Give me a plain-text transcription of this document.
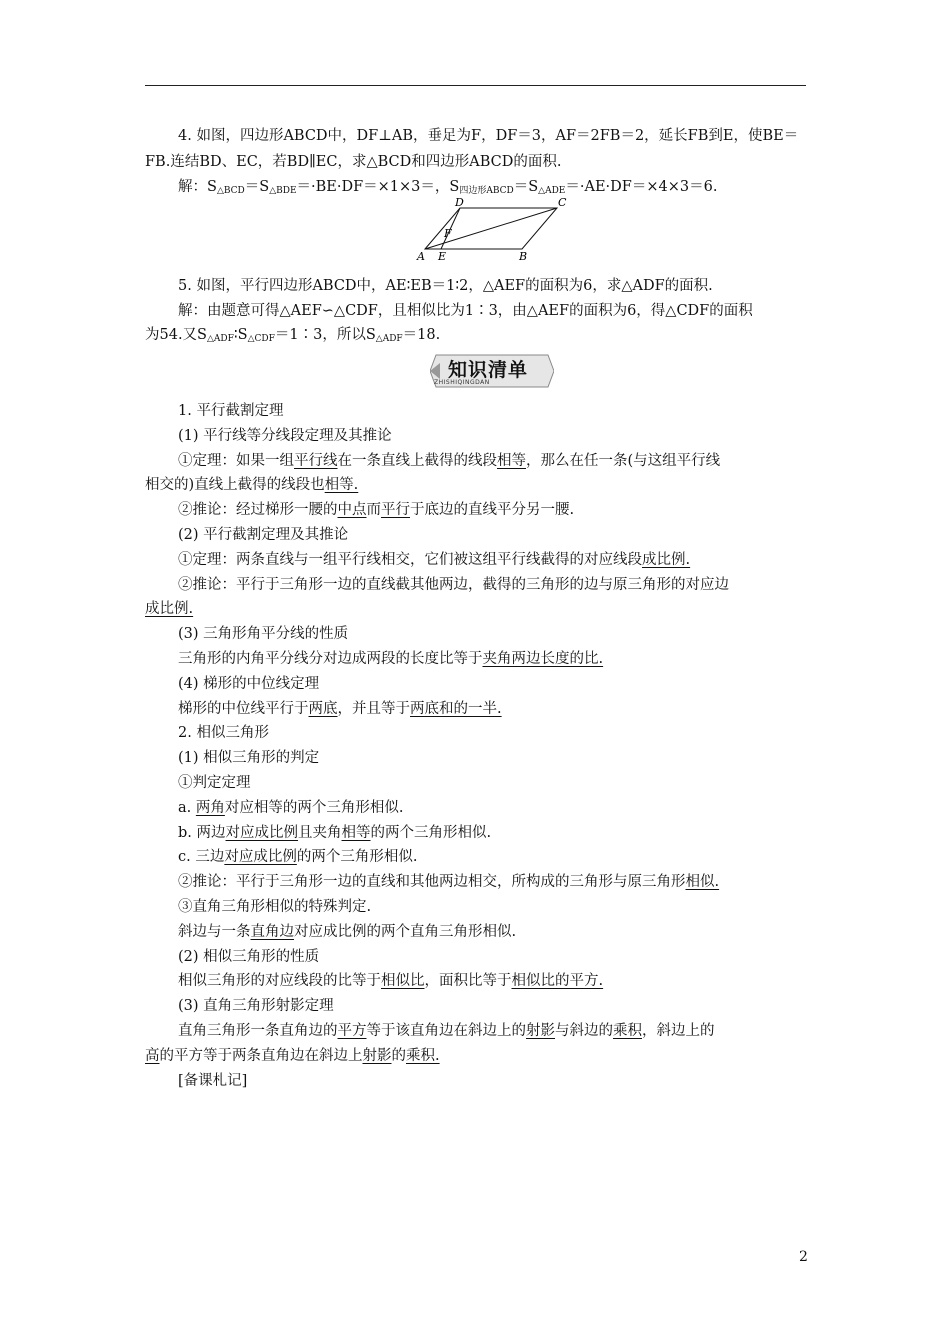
4. 如图，四边形ABCD中，DF⊥AB，垂足为F，DF＝3，AF＝2FB＝2，延长FB到E，使BE＝
FB.连结BD、EC，若BD∥EC，求△BCD和四边形ABCD的面积.
解：$S_{\triangle BCD}=S_{\triangle BDE}=\cdot BE\cdot DF=\times 1\times 3=$，$S_{四边形ABCD}=S_{\triangle ADE}=\cdot AE\cdot DF=\times 4\times 3=6$.
D	C
F
A E	B
5. 如图，平行四边形ABCD中，AE∶EB＝1∶2，△AEF的面积为6，求△ADF的面积.
解：由题意可得△AEF∽△CDF，且相似比为1∶3，由△AEF的面积为6，得△CDF的面积
为54.又$S_{\triangle ADF}∶S_{\triangle CDF}=1∶3$，所以$S_{\triangle ADF}=18$.
知识清单
ZHISHIQINGDAN
1. 平行截割定理
(1) 平行线等分线段定理及其推论
①定理：如果一组平行线在一条直线上截得的线段相等，那么在任一条(与这组平行线
相交的)直线上截得的线段也相等.
②推论：经过梯形一腰的中点而平行于底边的直线平分另一腰.
(2) 平行截割定理及其推论
①定理：两条直线与一组平行线相交，它们被这组平行线截得的对应线段成比例.
②推论：平行于三角形一边的直线截其他两边，截得的三角形的边与原三角形的对应边
成比例.
(3) 三角形角平分线的性质
三角形的内角平分线分对边成两段的长度比等于夹角两边长度的比.
(4) 梯形的中位线定理
梯形的中位线平行于两底，并且等于两底和的一半.
2. 相似三角形
(1) 相似三角形的判定
①判定定理
a. 两角对应相等的两个三角形相似.
b. 两边对应成比例且夹角相等的两个三角形相似.
c. 三边对应成比例的两个三角形相似.
②推论：平行于三角形一边的直线和其他两边相交，所构成的三角形与原三角形相似.
③直角三角形相似的特殊判定.
斜边与一条直角边对应成比例的两个直角三角形相似.
(2) 相似三角形的性质
相似三角形的对应线段的比等于相似比，面积比等于相似比的平方.
(3) 直角三角形射影定理
直角三角形一条直角边的平方等于该直角边在斜边上的射影与斜边的乘积，斜边上的
高的平方等于两条直角边在斜边上射影的乘积.
[备课札记]
2
